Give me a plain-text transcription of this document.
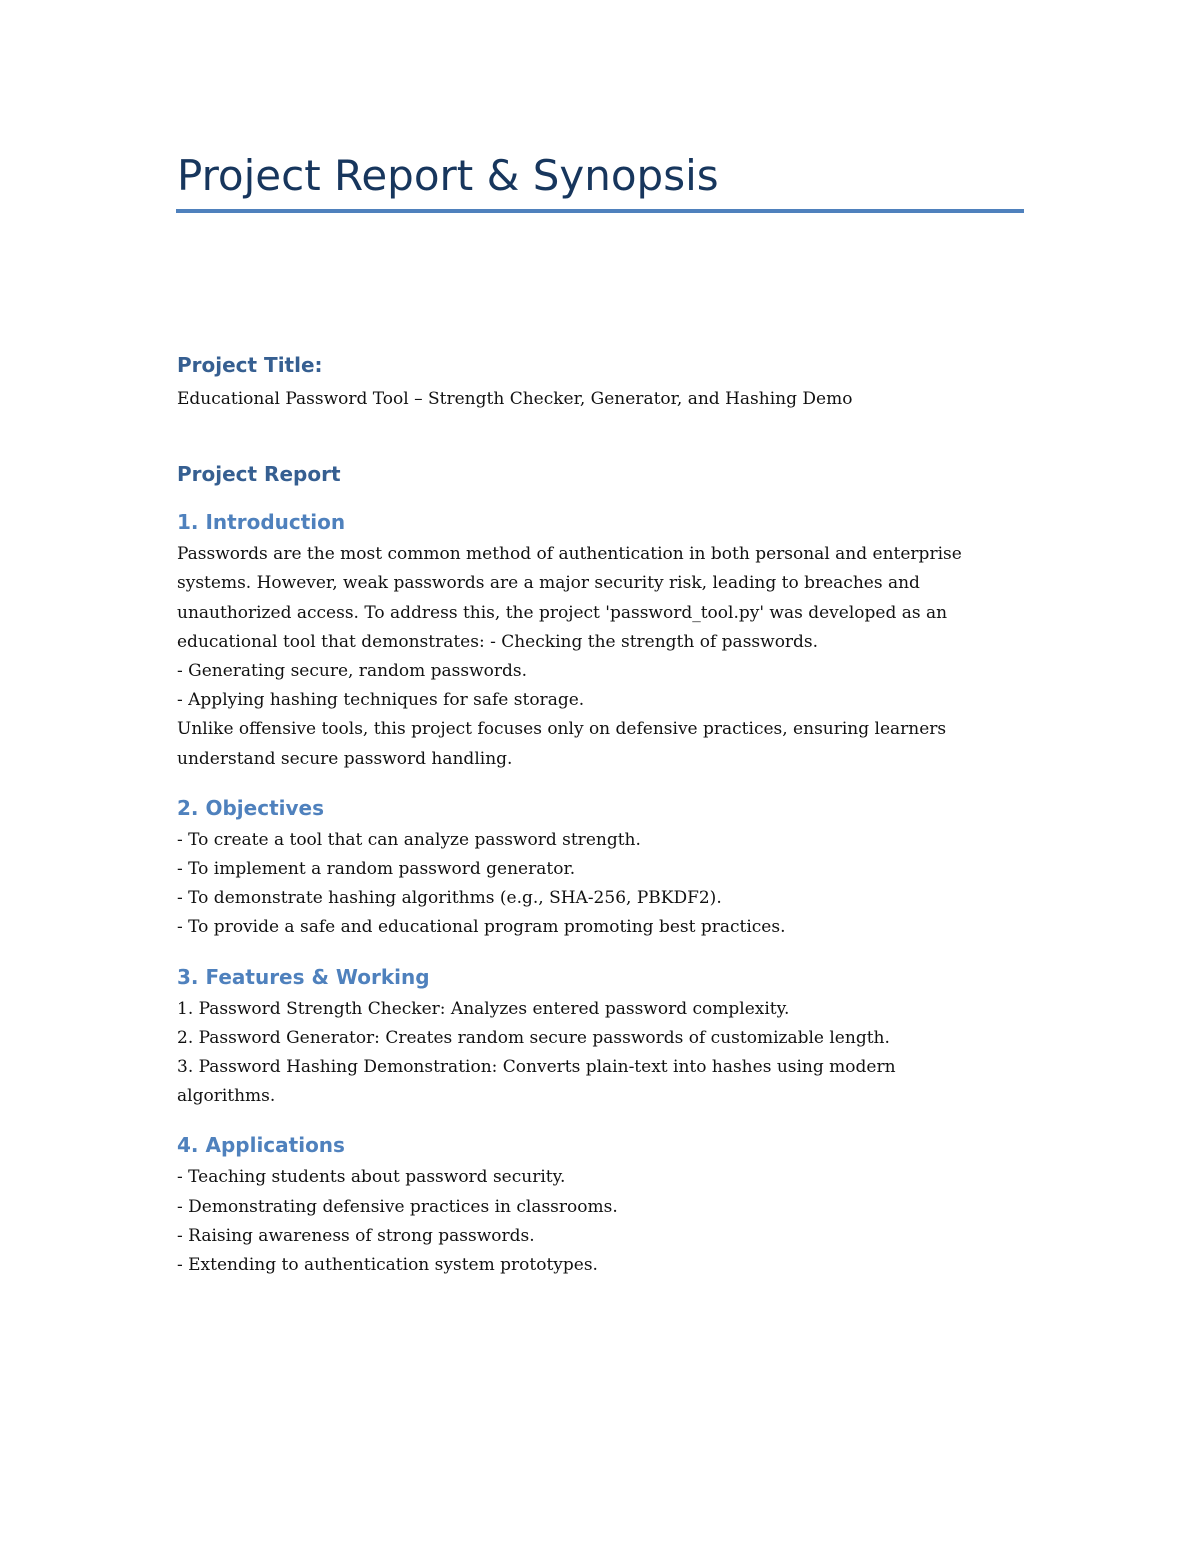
Project Report & Synopsis
Project Title:

Educational Password Tool – Strength Checker, Generator, and Hashing Demo

Project Report
1. Introduction

Passwords are the most common method of authentication in both personal and enterprise
systems. However, weak passwords are a major security risk, leading to breaches and
unauthorized access. To address this, the project 'password_tool.py' was developed as an
educational tool that demonstrates: - Checking the strength of passwords.
- Generating secure, random passwords.
- Applying hashing techniques for safe storage.
Unlike offensive tools, this project focuses only on defensive practices, ensuring learners
understand secure password handling.

2. Objectives

- To create a tool that can analyze password strength.
- To implement a random password generator.
- To demonstrate hashing algorithms (e.g., SHA-256, PBKDF2).
- To provide a safe and educational program promoting best practices.

3. Features & Working

1. Password Strength Checker: Analyzes entered password complexity.
2. Password Generator: Creates random secure passwords of customizable length.
3. Password Hashing Demonstration: Converts plain-text into hashes using modern
algorithms.

4. Applications

- Teaching students about password security.
- Demonstrating defensive practices in classrooms.
- Raising awareness of strong passwords.
- Extending to authentication system prototypes.
